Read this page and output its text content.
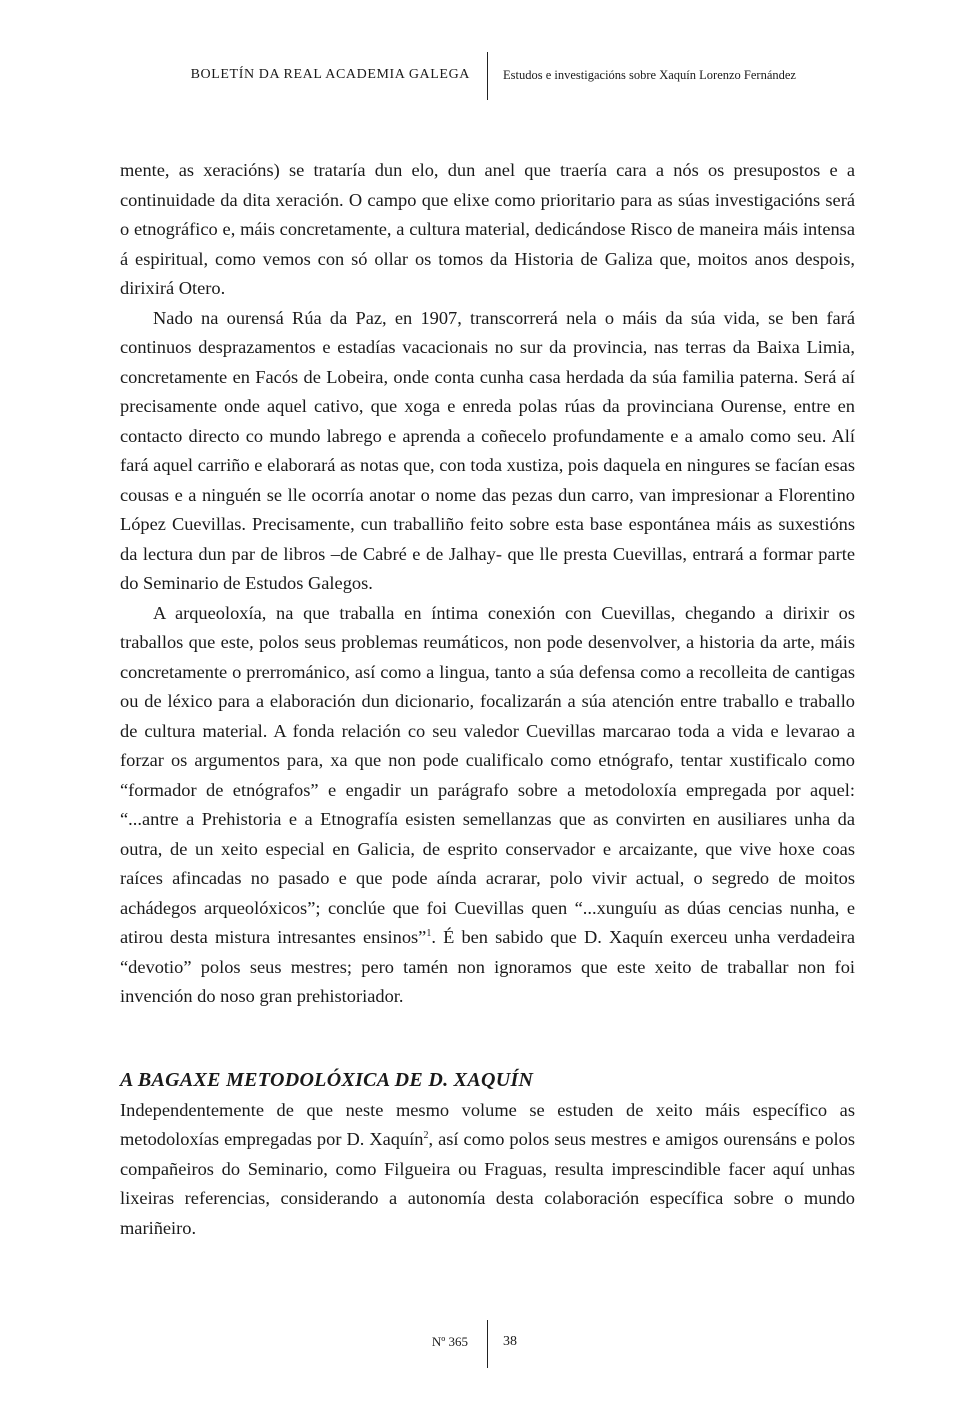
BOLETÍN DA REAL ACADEMIA GALEGA	Estudos e investigacións sobre Xaquín Lorenzo Fernández

mente, as xeracións) se trataría dun elo, dun anel que traería cara a nós os presupostos e a continuidade da dita xeración. O campo que elixe como prioritario para as súas investigacións será o etnográfico e, máis concretamente, a cultura material, dedicándose Risco de maneira máis intensa á espiritual, como vemos con só ollar os tomos da Historia de Galiza que, moitos anos despois, dirixirá Otero.

Nado na ourensá Rúa da Paz, en 1907, transcorrerá nela o máis da súa vida, se ben fará continuos desprazamentos e estadías vacacionais no sur da provincia, nas terras da Baixa Limia, concretamente en Facós de Lobeira, onde conta cunha casa herdada da súa familia paterna. Será aí precisamente onde aquel cativo, que xoga e enreda polas rúas da provinciana Ourense, entre en contacto directo co mundo labrego e aprenda a coñecelo profundamente e a amalo como seu. Alí fará aquel carriño e elaborará as notas que, con toda xustiza, pois daquela en ningures se facían esas cousas e a ninguén se lle ocorría anotar o nome das pezas dun carro, van impresionar a Florentino López Cuevillas. Precisamente, cun traballiño feito sobre esta base espontánea máis as suxestións da lectura dun par de libros –de Cabré e de Jalhay- que lle presta Cuevillas, entrará a formar parte do Seminario de Estudos Galegos.

A arqueoloxía, na que traballa en íntima conexión con Cuevillas, chegando a dirixir os traballos que este, polos seus problemas reumáticos, non pode desenvolver, a historia da arte, máis concretamente o prerrománico, así como a lingua, tanto a súa defensa como a recolleita de cantigas ou de léxico para a elaboración dun dicionario, focalizarán a súa atención entre traballo e traballo de cultura material. A fonda relación co seu valedor Cuevillas marcarao toda a vida e levarao a forzar os argumentos para, xa que non pode cualificalo como etnógrafo, tentar xustificalo como “formador de etnógrafos” e engadir un parágrafo sobre a metodoloxía empregada por aquel: “...antre a Prehistoria e a Etnografía esisten semellanzas que as convirten en ausiliares unha da outra, de un xeito especial en Galicia, de esprito conservador e arcaizante, que vive hoxe coas raíces afincadas no pasado e que pode aínda acrarar, polo vivir actual, o segredo de moitos achádegos arqueolóxicos”; conclúe que foi Cuevillas quen “...xunguíu as dúas cencias nunha, e atirou desta mistura intresantes ensinos”$^1$. É ben sabido que D. Xaquín exerceu unha verdadeira “devotio” polos seus mestres; pero tamén non ignoramos que este xeito de traballar non foi invención do noso gran prehistoriador.

A BAGAXE METODOLÓXICA DE D. XAQUÍN

Independentemente de que neste mesmo volume se estuden de xeito máis específico as metodoloxías empregadas por D. Xaquín$^2$, así como polos seus mestres e amigos ourensáns e polos compañeiros do Seminario, como Filgueira ou Fraguas, resulta imprescindible facer aquí unhas lixeiras referencias, considerando a autonomía desta colaboración específica sobre o mundo mariñeiro.

Nº 365	38
